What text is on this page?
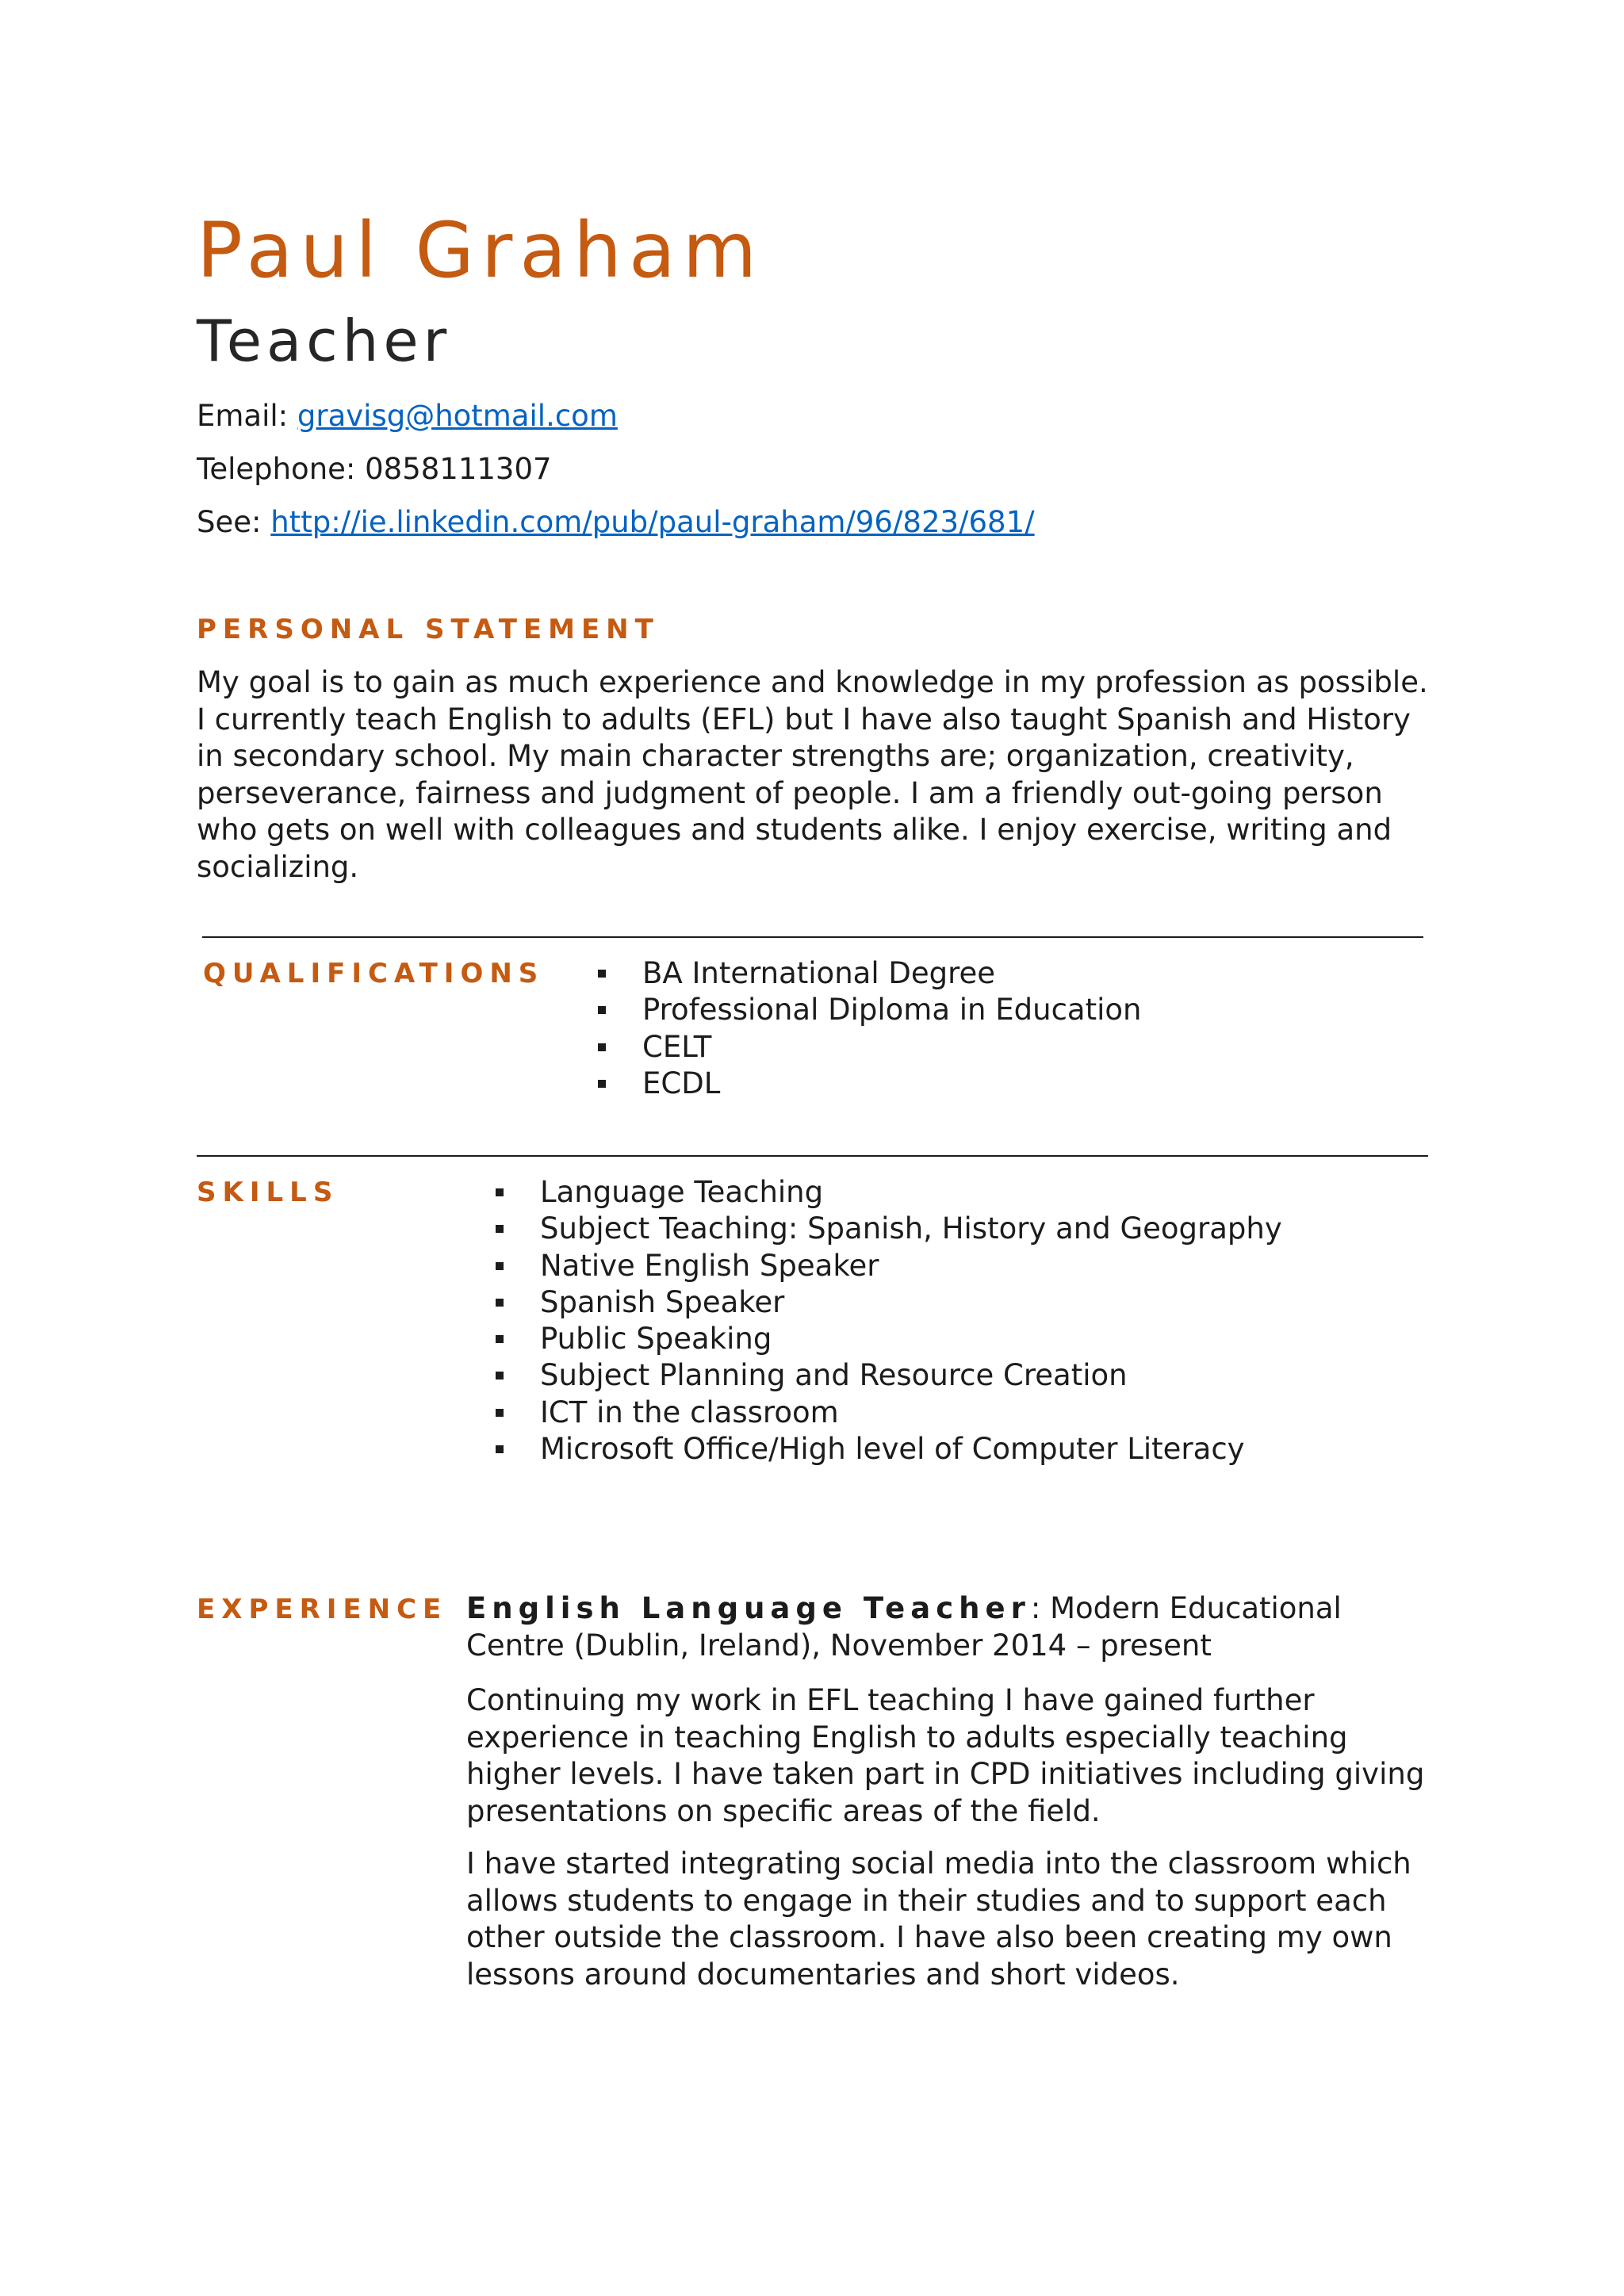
Paul Graham
Teacher
Email: gravisg@hotmail.com
Telephone: 0858111307
See: http://ie.linkedin.com/pub/paul-graham/96/823/681/
PERSONAL STATEMENT

My goal is to gain as much experience and knowledge in my profession as possible. I currently teach English to adults (EFL) but I have also taught Spanish and History in secondary school. My main character strengths are; organization, creativity, perseverance, fairness and judgment of people. I am a friendly out-going person who gets on well with colleagues and students alike. I enjoy exercise, writing and socializing.

QUALIFICATIONS	BA International Degree
Professional Diploma in Education
CELT
ECDL
SKILLS	Language Teaching
Subject Teaching: Spanish, History and Geography
Native English Speaker
Spanish Speaker
Public Speaking
Subject Planning and Resource Creation
ICT in the classroom
Microsoft Office/High level of Computer Literacy
EXPERIENCE English Language Teacher: Modern Educational Centre (Dublin, Ireland), November 2014 – present

Continuing my work in EFL teaching I have gained further experience in teaching English to adults especially teaching higher levels. I have taken part in CPD initiatives including giving presentations on specific areas of the field.

I have started integrating social media into the classroom which allows students to engage in their studies and to support each other outside the classroom. I have also been creating my own lessons around documentaries and short videos.
